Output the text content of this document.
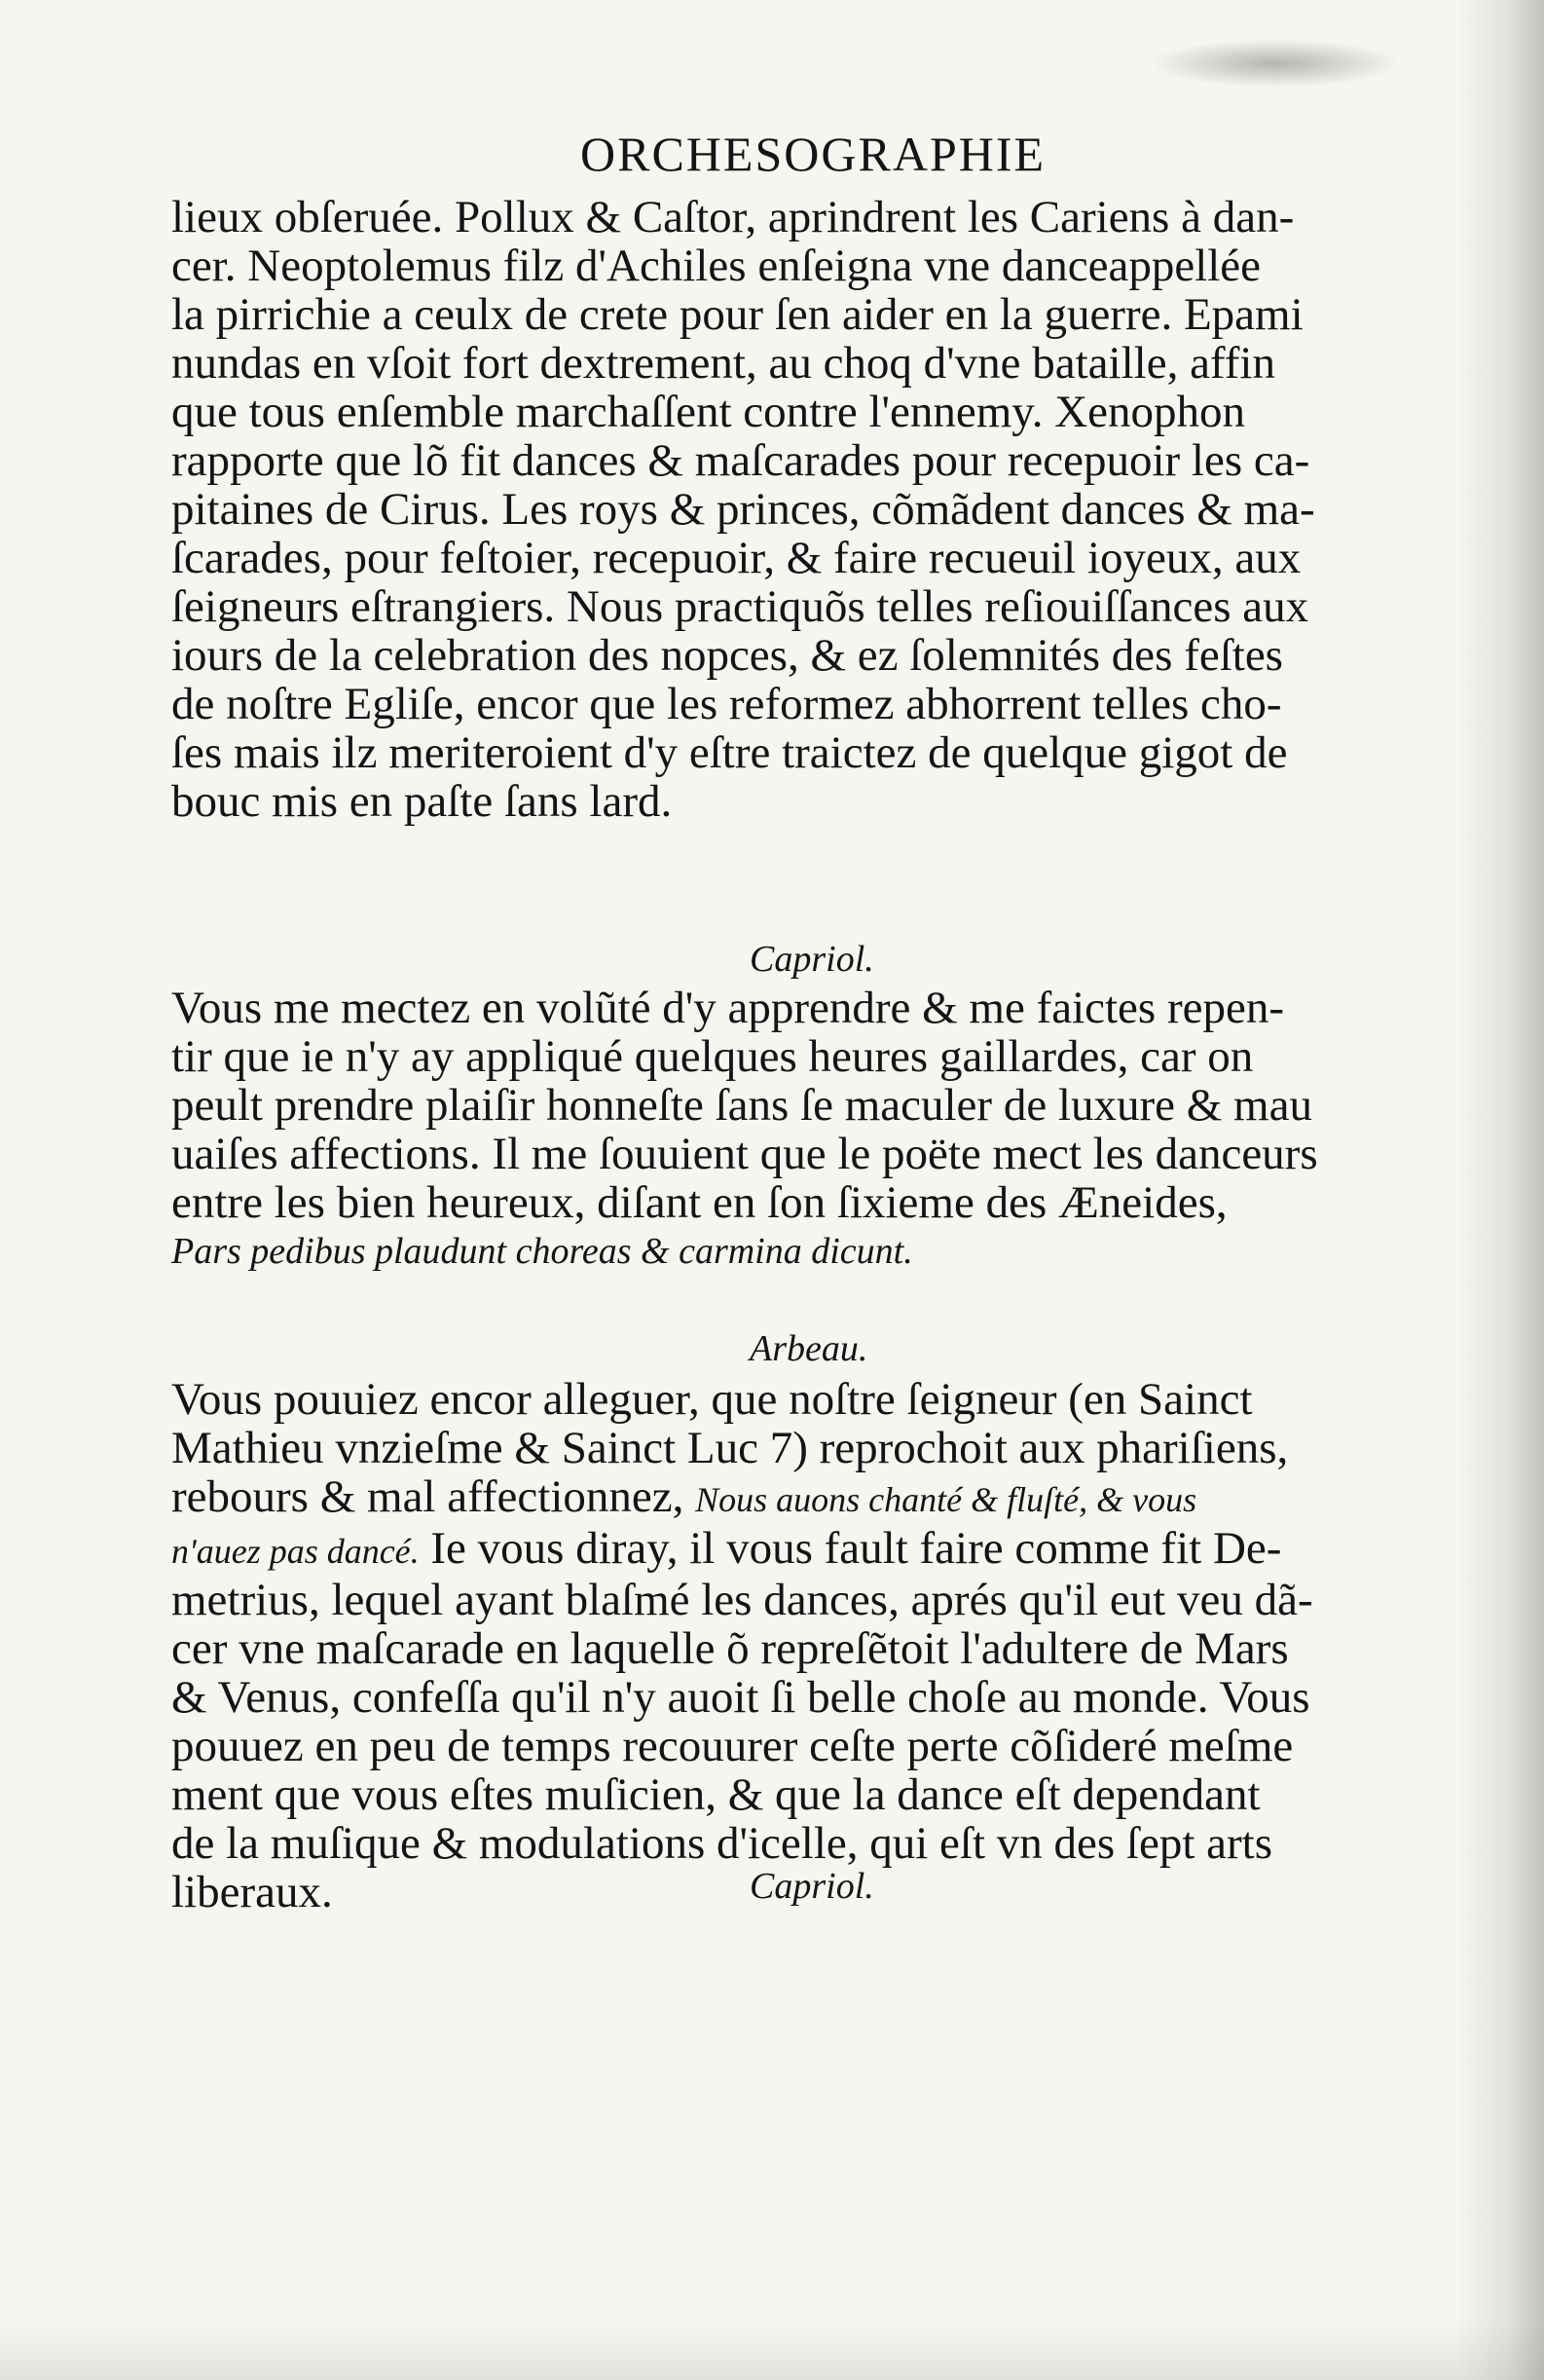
ORCHESOGRAPHIE
lieux obſeruée. Pollux & Caſtor, aprindrent les Cariens à dan-
cer. Neoptolemus filz d'Achiles enſeigna vne danceappellée
la pirrichie a ceulx de crete pour ſen aider en la guerre. Epami
nundas en vſoit fort dextrement, au choq d'vne bataille, affin
que tous enſemble marchaſſent contre l'ennemy. Xenophon
rapporte que lõ fit dances & maſcarades pour recepuoir les ca-
pitaines de Cirus. Les roys & princes, cõmãdent dances & ma-
ſcarades, pour feſtoier, recepuoir, & faire recueuil ioyeux, aux
ſeigneurs eſtrangiers. Nous practiquõs telles reſiouiſſances aux
iours de la celebration des nopces, & ez ſolemnités des feſtes
de noſtre Egliſe, encor que les reformez abhorrent telles cho-
ſes mais ilz meriteroient d'y eſtre traictez de quelque gigot de
bouc mis en paſte ſans lard.
Capriol.
Vous me mectez en volũté d'y apprendre & me faictes repen-
tir que ie n'y ay appliqué quelques heures gaillardes, car on
peult prendre plaiſir honneſte ſans ſe maculer de luxure & mau
uaiſes affections. Il me ſouuient que le poëte mect les danceurs
entre les bien heureux, diſant en ſon ſixieme des Æneides,
Pars pedibus plaudunt choreas & carmina dicunt.
Arbeau.
Vous pouuiez encor alleguer, que noſtre ſeigneur (en Sainct
Mathieu vnzieſme & Sainct Luc 7) reprochoit aux phariſiens,
rebours & mal affectionnez, Nous auons chanté & fluſté, & vous
n'auez pas dancé. Ie vous diray, il vous fault faire comme fit De-
metrius, lequel ayant blaſmé les dances, aprés qu'il eut veu dã-
cer vne maſcarade en laquelle õ repreſẽtoit l'adultere de Mars
& Venus, confeſſa qu'il n'y auoit ſi belle choſe au monde. Vous
pouuez en peu de temps recouurer ceſte perte cõſideré meſme
ment que vous eſtes muſicien, & que la dance eſt dependant
de la muſique & modulations d'icelle, qui eſt vn des ſept arts
liberaux.	Capriol.
